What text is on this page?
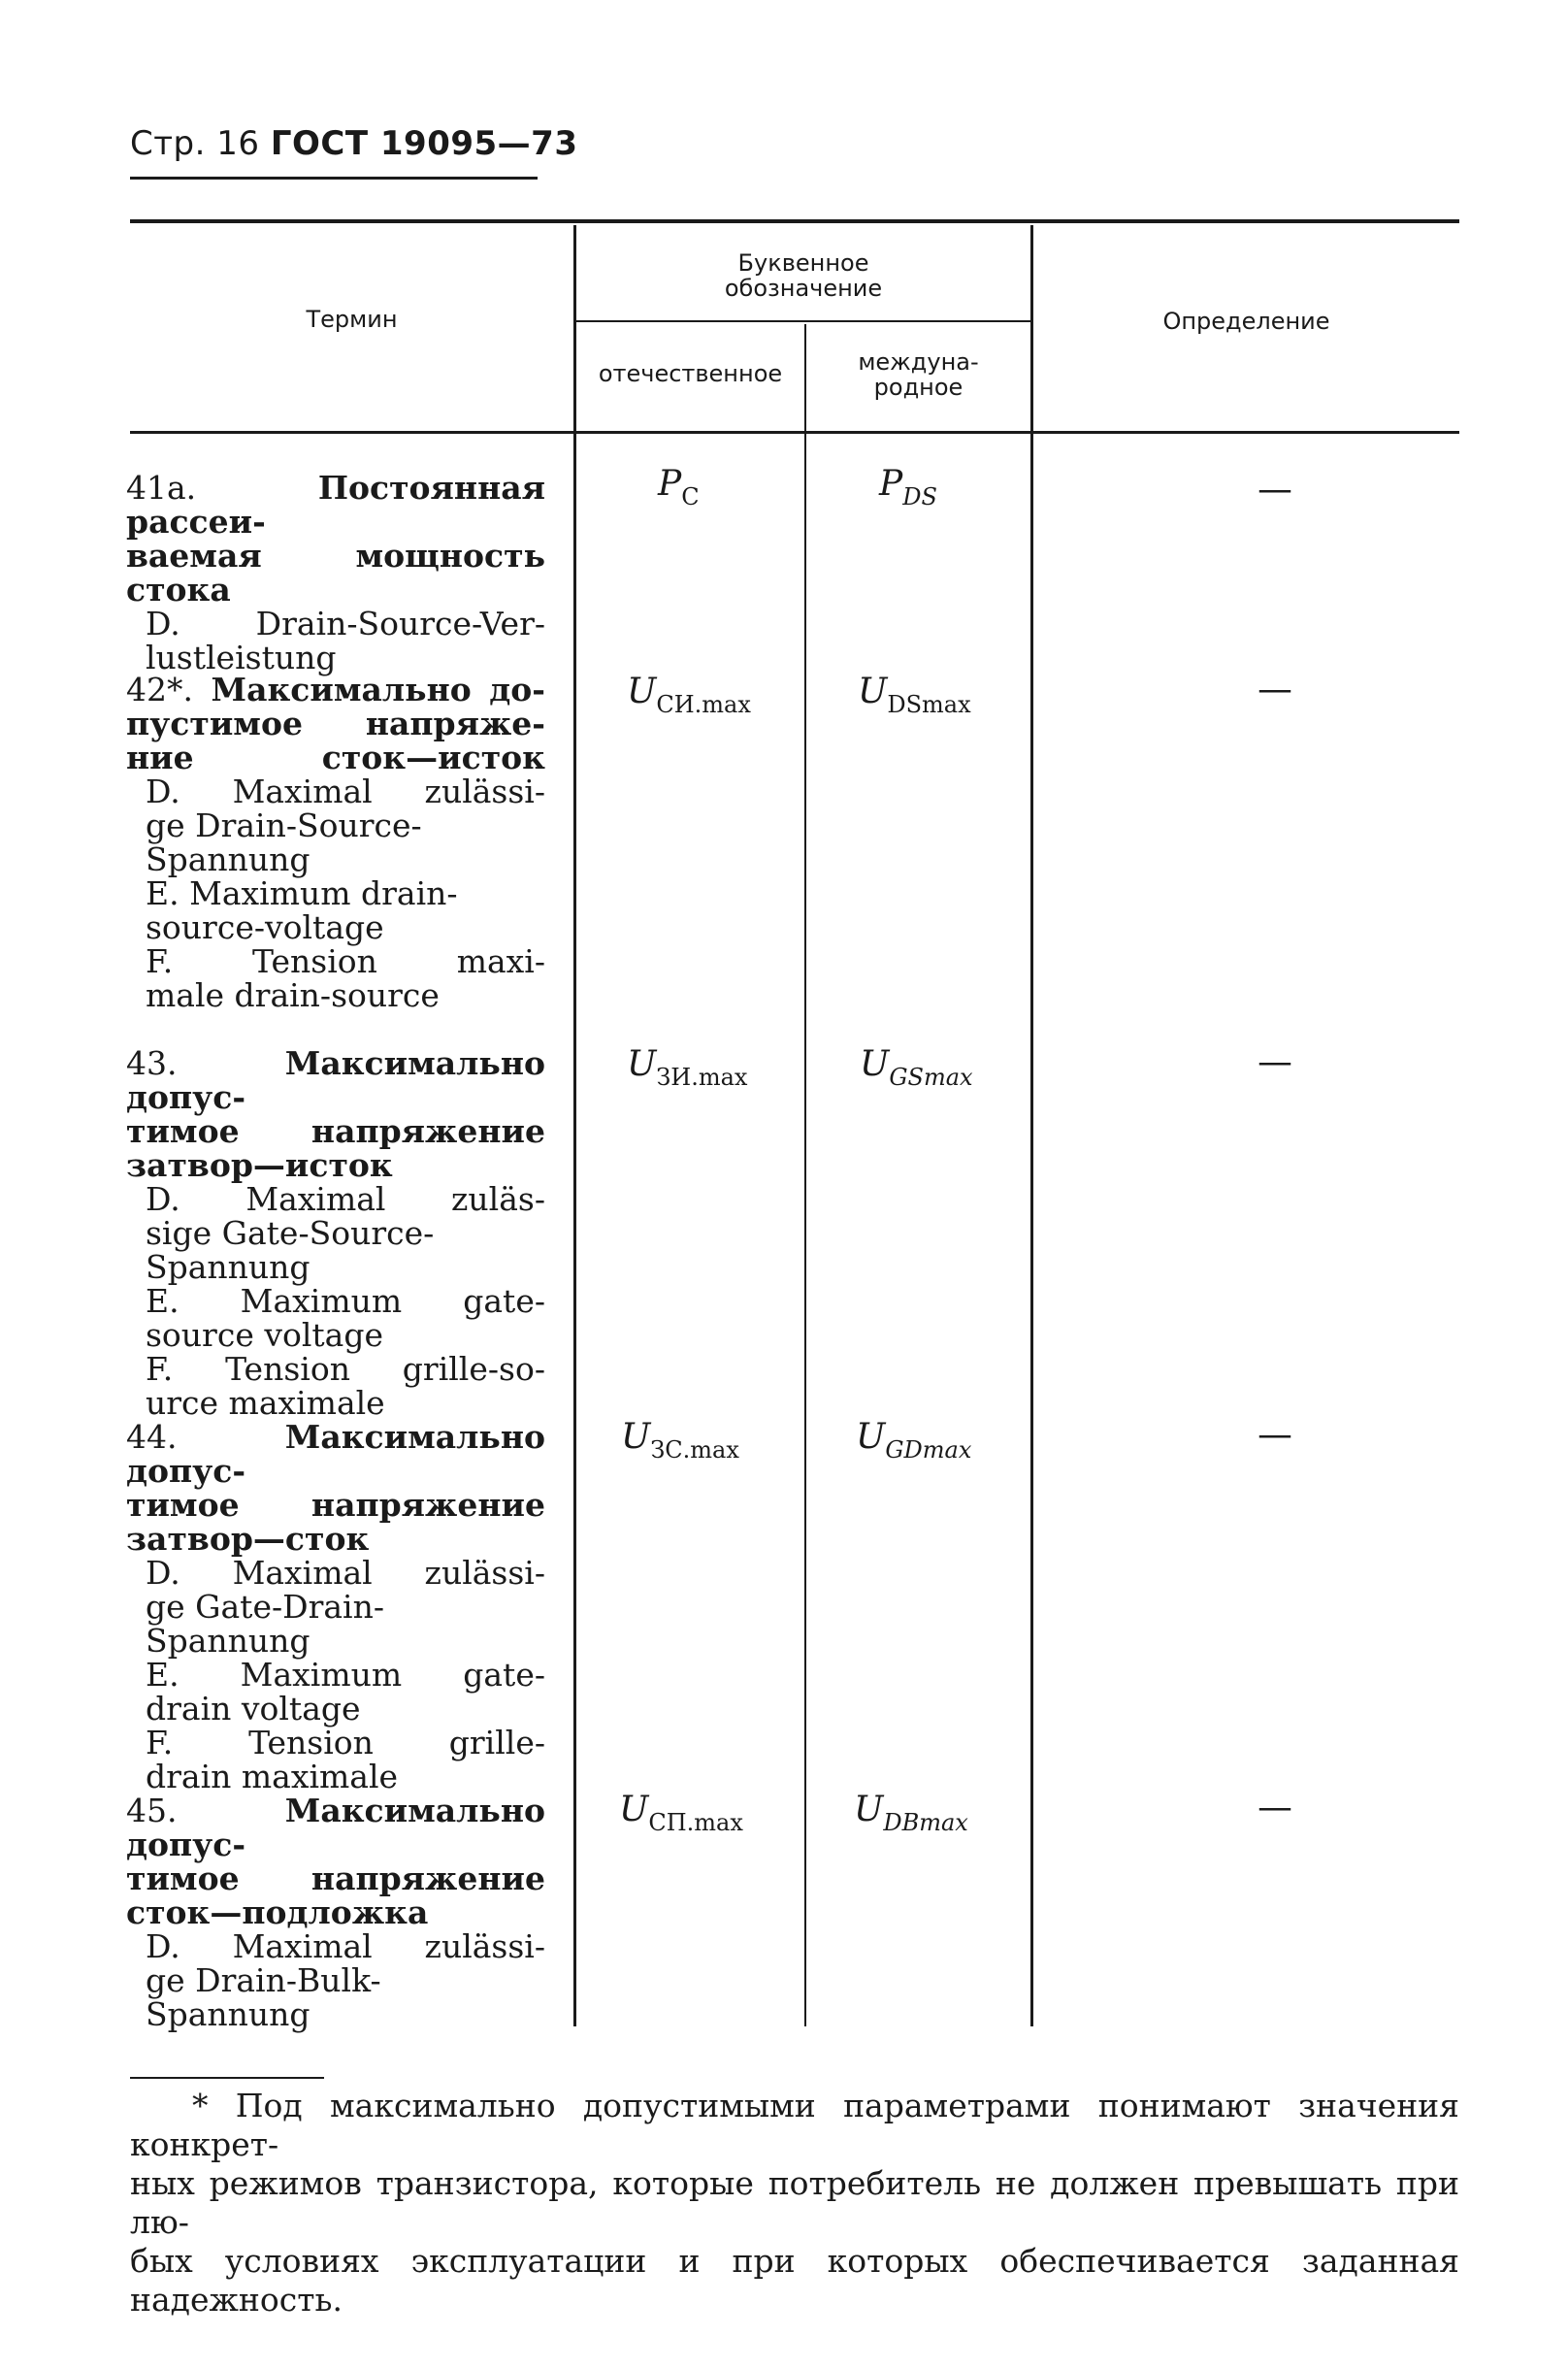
Стр. 16 ГОСТ 19095—73
Термин
Буквенное
обозначение
отечественное	междуна-
родное
Определение
41а.	Постоянная рассеи-
ваемая мощность
стока
D. Drain-Source-Ver-
lustleistung
$P_С$	$P_{DS}$	—
42*. Максимально до-
пустимое напряже-
ние сток—исток
D. Maximal zulässi-
ge Drain-Source-
Spannung
E. Maximum drain-
source-voltage
F. Tension maxi-
male drain-source
$U_{СИ.max}$	$U_{DSmax}$	—
43.	Максимально допус-
тимое напряжение
затвор—исток
D. Maximal zuläs-
sige Gate-Source-
Spannung
E. Maximum gate-
source voltage
F. Tension grille-so-
urce maximale
$U_{ЗИ.max}$	$U_{GSmax}$	—
44.	Максимально допус-
тимое напряжение
затвор—сток
D. Maximal zulässi-
ge Gate-Drain-
Spannung
E. Maximum gate-
drain voltage
F. Tension grille-
drain maximale
$U_{ЗС.max}$	$U_{GDmax}$	—
45.	Максимально допус-
тимое напряжение
сток—подложка
D. Maximal zulässi-
ge Drain-Bulk-
Spannung
$U_{СП.max}$	$U_{DBmax}$	—
* Под максимально допустимыми параметрами понимают значения конкрет-
ных режимов транзистора, которые потребитель не должен превышать при лю-
бых условиях эксплуатации и при которых обеспечивается заданная надежность.
